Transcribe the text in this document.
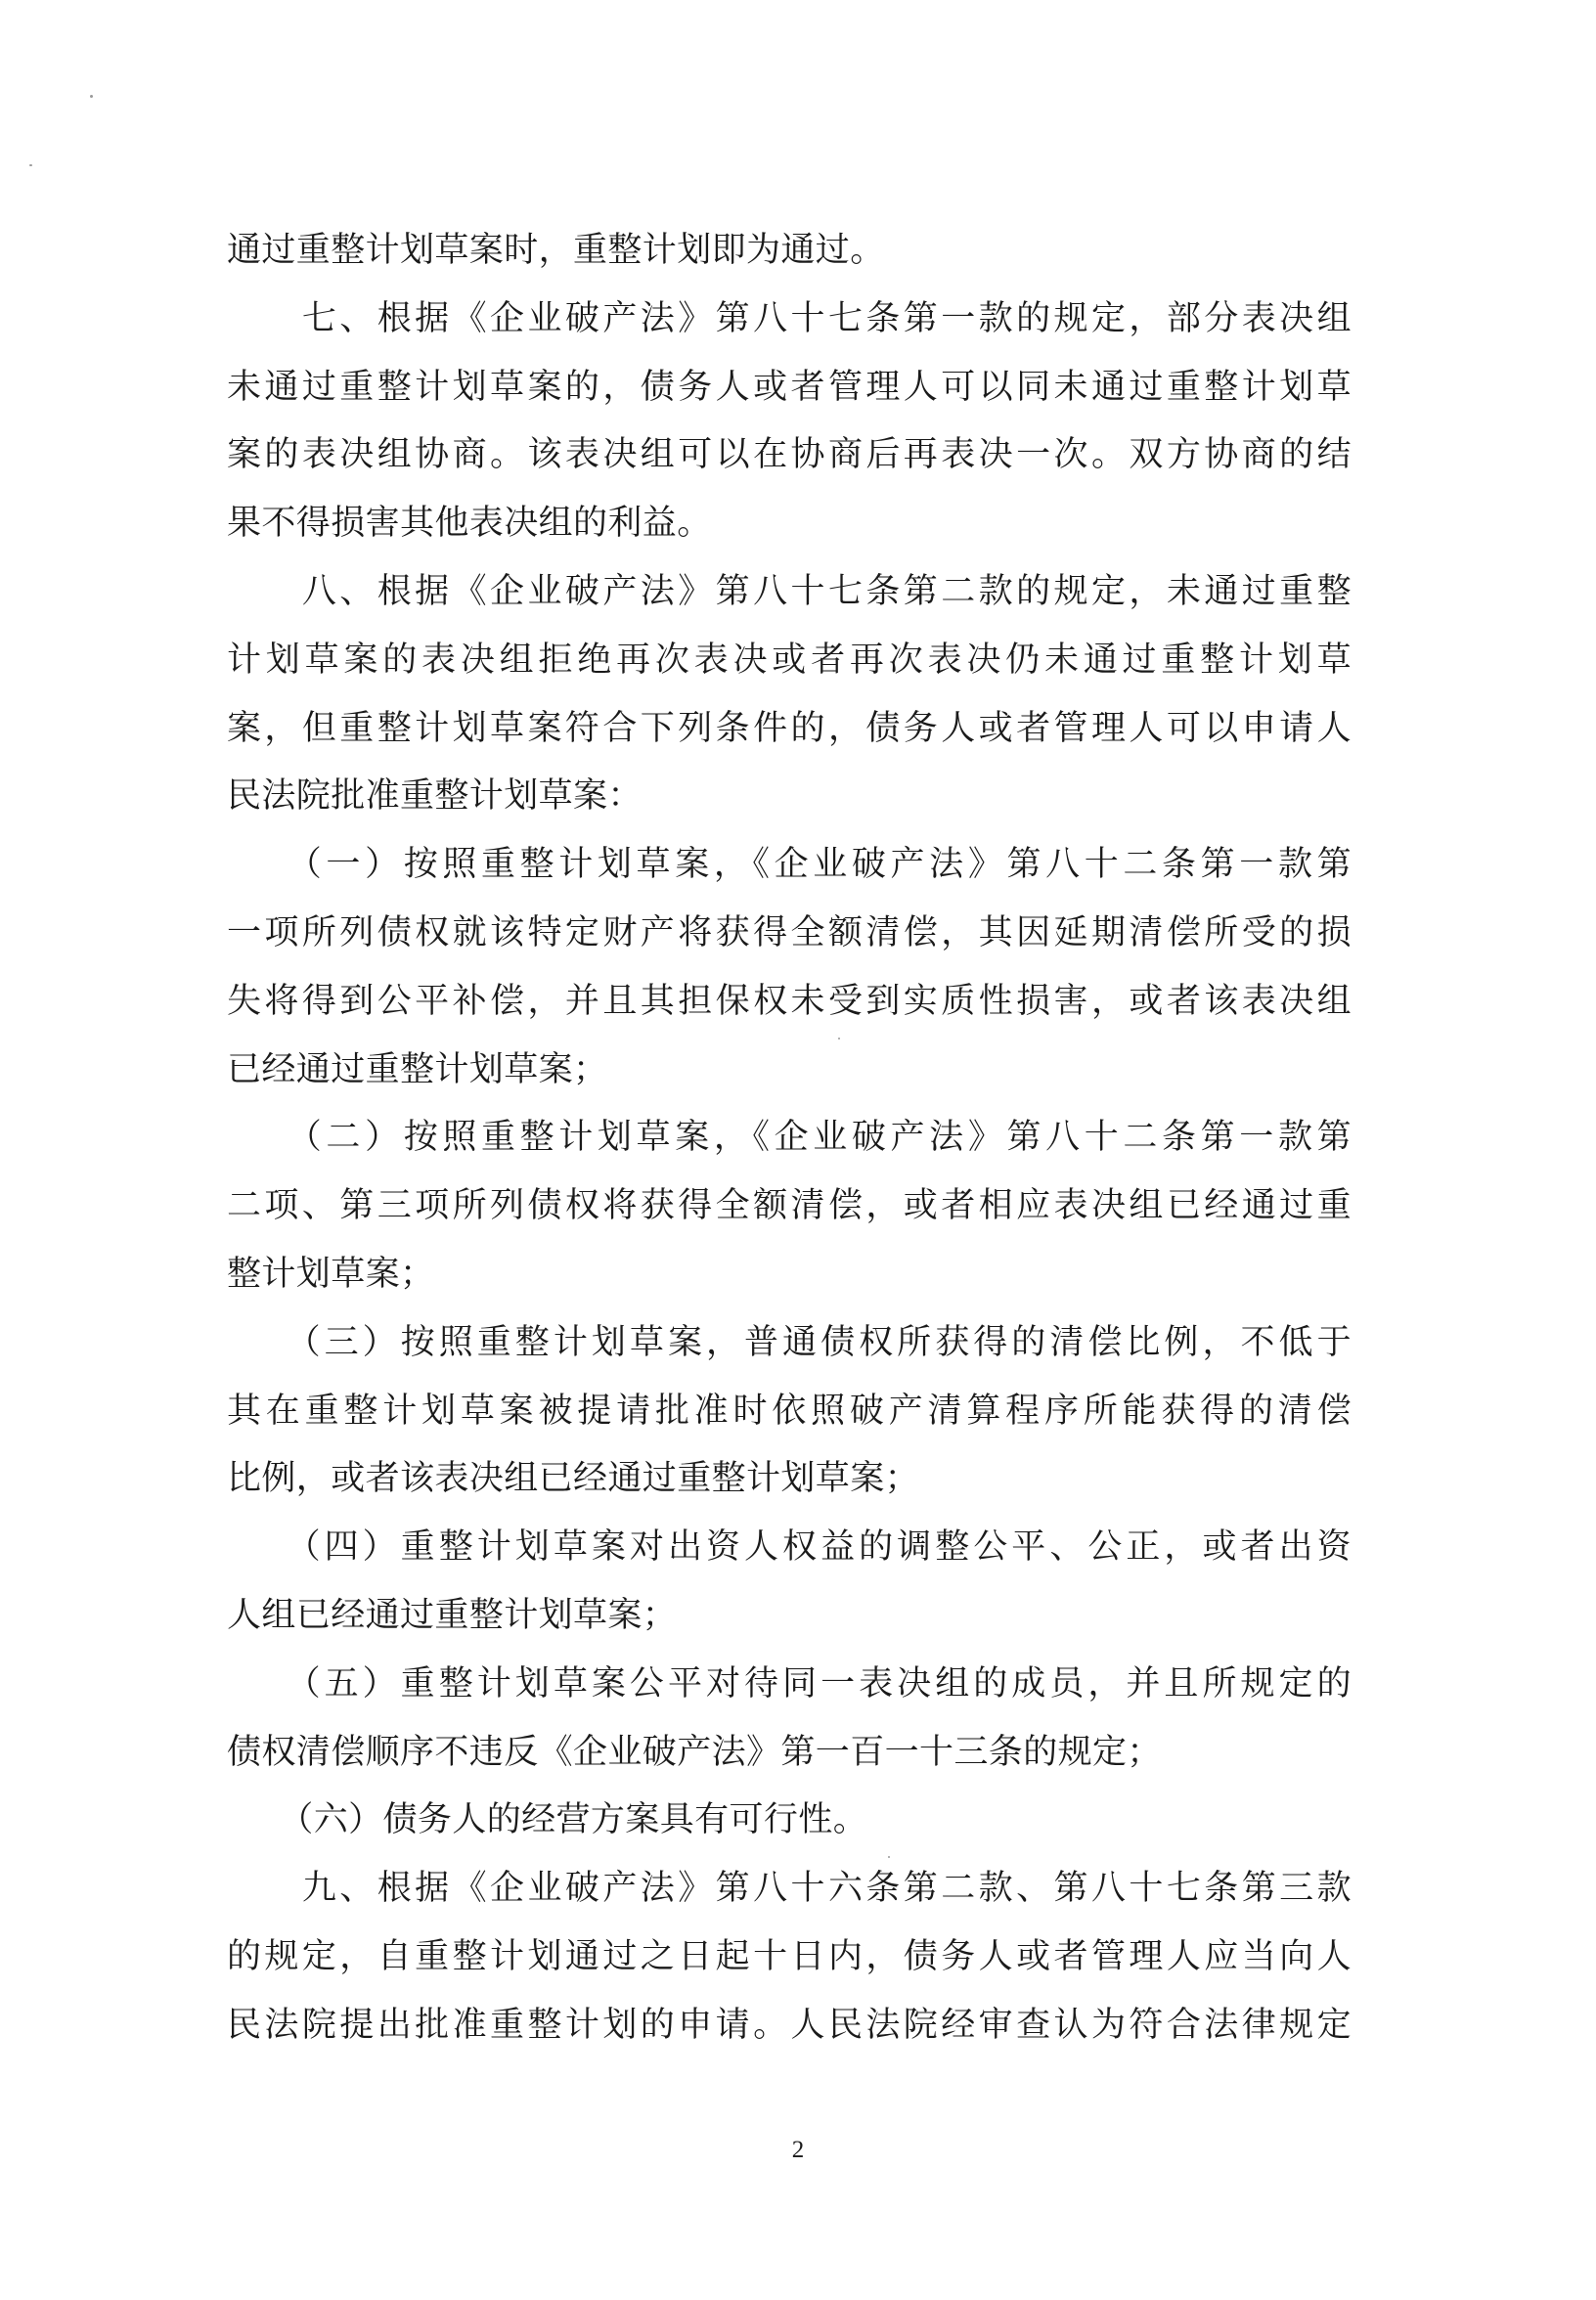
通过重整计划草案时，重整计划即为通过。
　　七、根据《企业破产法》第八十七条第一款的规定，部分表决组
未通过重整计划草案的，债务人或者管理人可以同未通过重整计划草
案的表决组协商。该表决组可以在协商后再表决一次。双方协商的结
果不得损害其他表决组的利益。
　　八、根据《企业破产法》第八十七条第二款的规定，未通过重整
计划草案的表决组拒绝再次表决或者再次表决仍未通过重整计划草
案，但重整计划草案符合下列条件的，债务人或者管理人可以申请人
民法院批准重整计划草案：
　　（一）按照重整计划草案，《企业破产法》第八十二条第一款第
一项所列债权就该特定财产将获得全额清偿，其因延期清偿所受的损
失将得到公平补偿，并且其担保权未受到实质性损害，或者该表决组
已经通过重整计划草案；
　　（二）按照重整计划草案，《企业破产法》第八十二条第一款第
二项、第三项所列债权将获得全额清偿，或者相应表决组已经通过重
整计划草案；
　　（三）按照重整计划草案，普通债权所获得的清偿比例，不低于
其在重整计划草案被提请批准时依照破产清算程序所能获得的清偿
比例，或者该表决组已经通过重整计划草案；
　　（四）重整计划草案对出资人权益的调整公平、公正，或者出资
人组已经通过重整计划草案；
　　（五）重整计划草案公平对待同一表决组的成员，并且所规定的
债权清偿顺序不违反《企业破产法》第一百一十三条的规定；
　　（六）债务人的经营方案具有可行性。
　　九、根据《企业破产法》第八十六条第二款、第八十七条第三款
的规定，自重整计划通过之日起十日内，债务人或者管理人应当向人
民法院提出批准重整计划的申请。人民法院经审查认为符合法律规定
2
